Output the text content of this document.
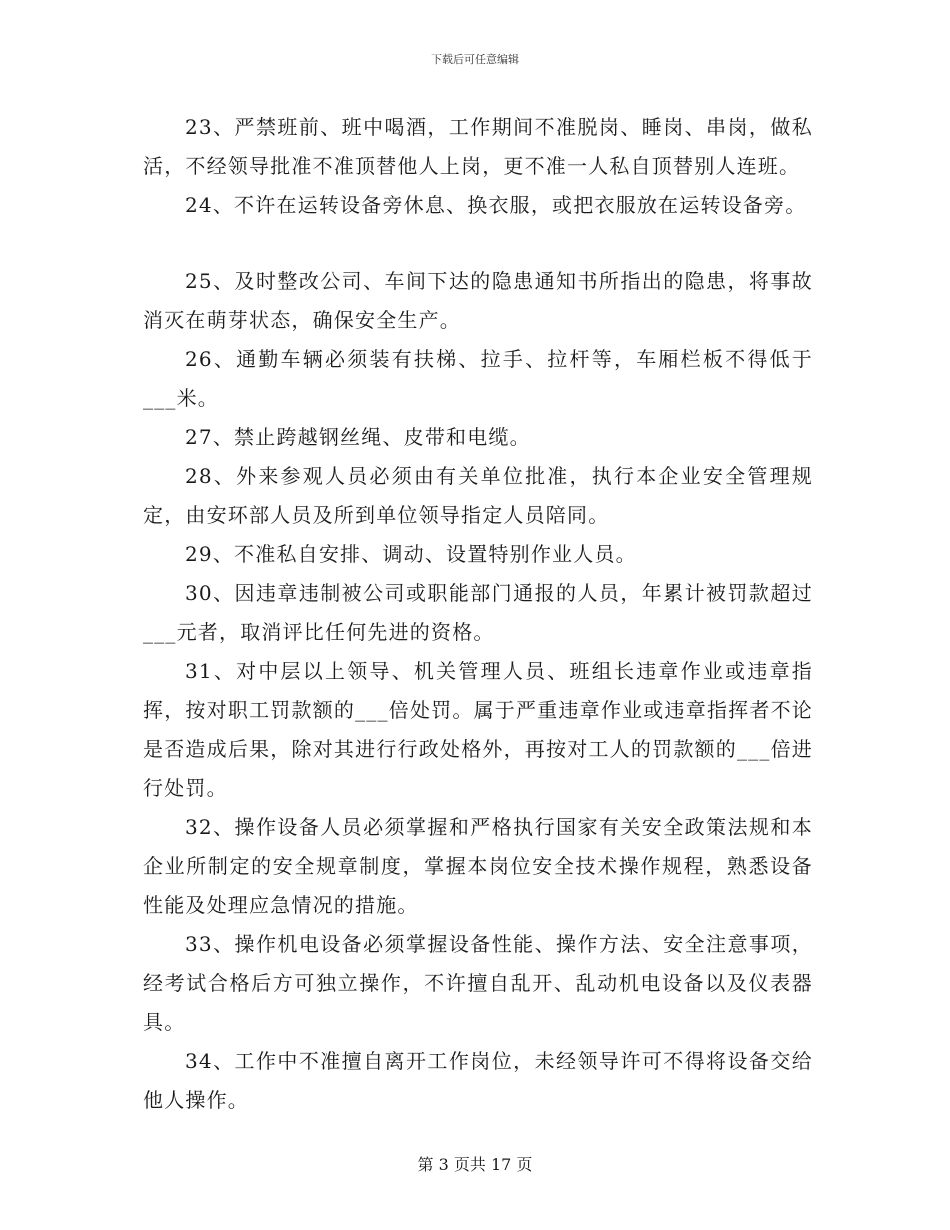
下载后可任意编辑

23、严禁班前、班中喝酒，工作期间不准脱岗、睡岗、串岗，做私活，不经领导批准不准顶替他人上岗，更不准一人私自顶替别人连班。

24、不许在运转设备旁休息、换衣服，或把衣服放在运转设备旁。

25、及时整改公司、车间下达的隐患通知书所指出的隐患，将事故消灭在萌芽状态，确保安全生产。

26、通勤车辆必须装有扶梯、拉手、拉杆等，车厢栏板不得低于___米。

27、禁止跨越钢丝绳、皮带和电缆。

28、外来参观人员必须由有关单位批准，执行本企业安全管理规定，由安环部人员及所到单位领导指定人员陪同。

29、不准私自安排、调动、设置特别作业人员。

30、因违章违制被公司或职能部门通报的人员，年累计被罚款超过___元者，取消评比任何先进的资格。

31、对中层以上领导、机关管理人员、班组长违章作业或违章指挥，按对职工罚款额的___倍处罚。属于严重违章作业或违章指挥者不论是否造成后果，除对其进行行政处格外，再按对工人的罚款额的___倍进行处罚。

32、操作设备人员必须掌握和严格执行国家有关安全政策法规和本企业所制定的安全规章制度，掌握本岗位安全技术操作规程，熟悉设备性能及处理应急情况的措施。

33、操作机电设备必须掌握设备性能、操作方法、安全注意事项，经考试合格后方可独立操作，不许擅自乱开、乱动机电设备以及仪表器具。

34、工作中不准擅自离开工作岗位，未经领导许可不得将设备交给他人操作。

第 3 页共 17 页
